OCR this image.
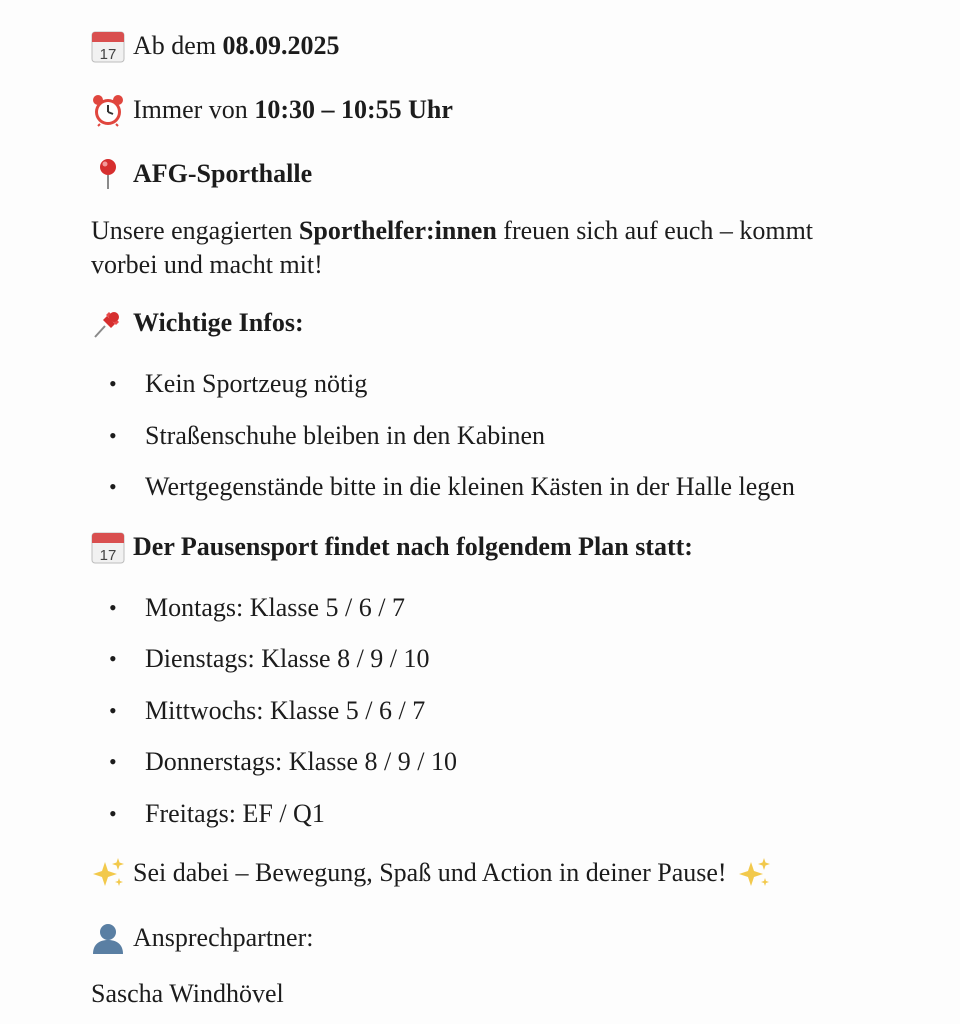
17 Ab dem
08.09.2025
Immer von
10:30 – 10:55 Uhr
AFG-Sporthalle
Unsere engagierten Sporthelfer:innen freuen sich auf euch – kommt vorbei und macht mit!
Wichtige Infos:
• Kein Sportzeug nötig
• Straßenschuhe bleiben in den Kabinen
• Wertgegenstände bitte in die kleinen Kästen in der Halle legen
17 Der Pausensport findet nach folgendem Plan statt:
• Montags: Klasse 5 / 6 / 7
• Dienstags: Klasse 8 / 9 / 10
• Mittwochs: Klasse 5 / 6 / 7
• Donnerstags: Klasse 8 / 9 / 10
• Freitags: EF / Q1
Sei dabei – Bewegung, Spaß und Action in deiner Pause!
Ansprechpartner:
Sascha Windhövel
